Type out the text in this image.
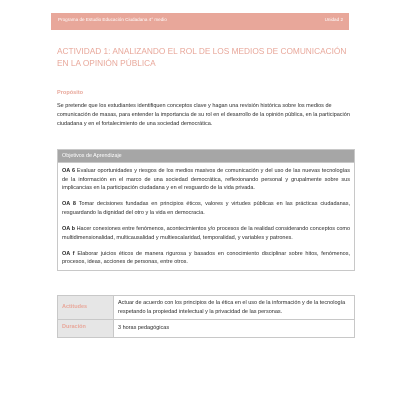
Programa de Estudio Educación Ciudadana 4° medio	Unidad 2
ACTIVIDAD 1: ANALIZANDO EL ROL DE LOS MEDIOS DE COMUNICACIÓN EN LA OPINIÓN PÚBLICA
Propósito

Se pretende que los estudiantes identifiquen conceptos clave y hagan una revisión histórica sobre los medios de comunicación de masas, para entender la importancia de su rol en el desarrollo de la opinión pública, en la participación ciudadana y en el fortalecimiento de una sociedad democrática.

Objetivos de Aprendizaje

OA 6 Evaluar oportunidades y riesgos de los medios masivos de comunicación y del uso de las nuevas tecnologías de la información en el marco de una sociedad democrática, reflexionando personal y grupalmente sobre sus implicancias en la participación ciudadana y en el resguardo de la vida privada.

OA 8 Tomar decisiones fundadas en principios éticos, valores y virtudes públicas en las prácticas ciudadanas, resguardando la dignidad del otro y la vida en democracia.

OA b Hacer conexiones entre fenómenos, acontecimientos y/o procesos de la realidad considerando conceptos como multidimensionalidad, multicausalidad y multiescalaridad, temporalidad, y variables y patrones.

OA f Elaborar juicios éticos de manera rigurosa y basados en conocimiento disciplinar sobre hitos, fenómenos, procesos, ideas, acciones de personas, entre otros.

Actitudes
Actuar de acuerdo con los principios de la ética en el uso de la información y de la tecnología respetando la propiedad intelectual y la privacidad de las personas.
Duración	3 horas pedagógicas
